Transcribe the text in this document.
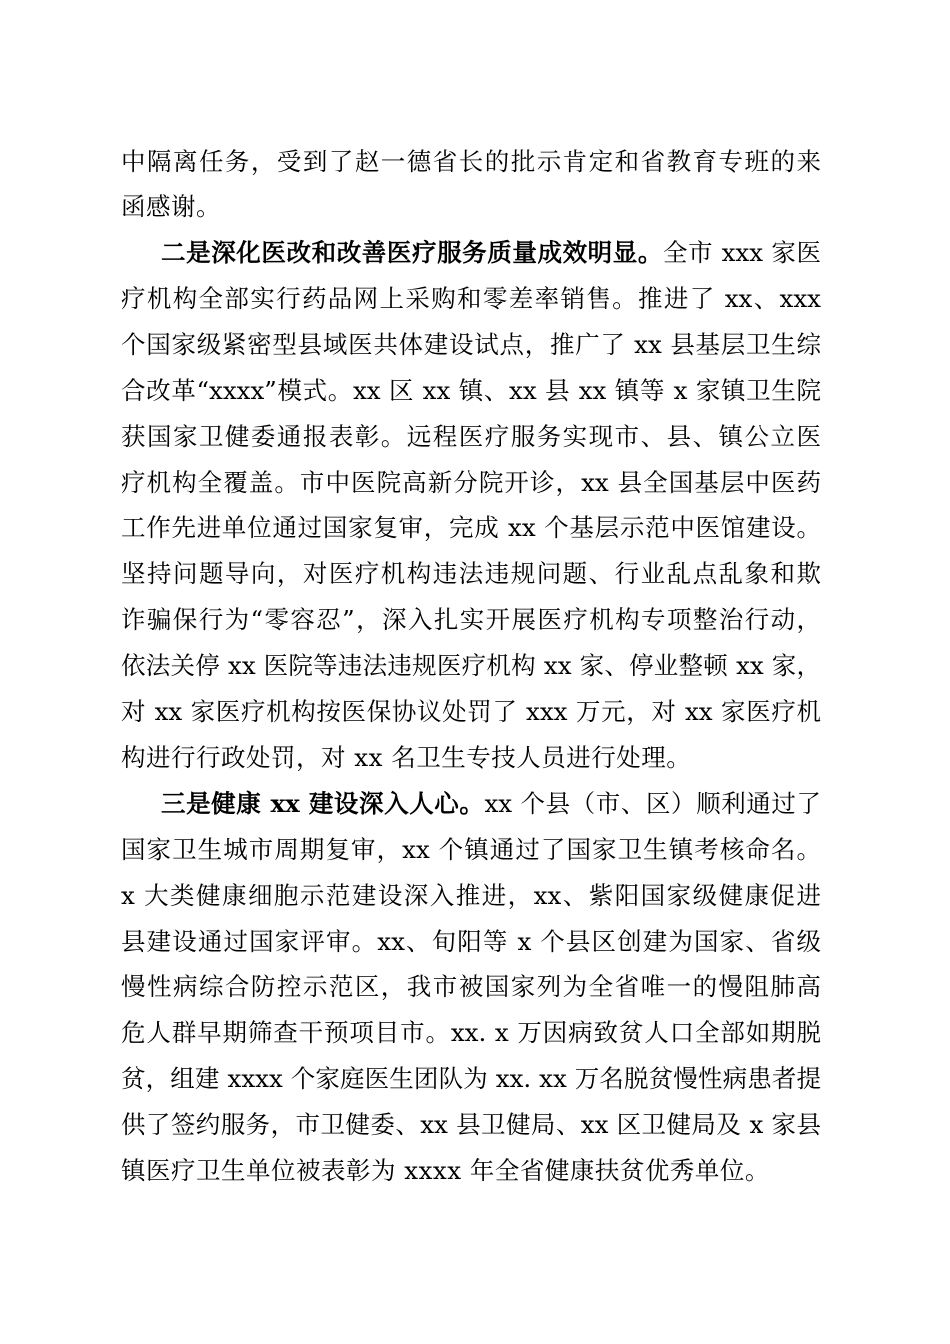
中隔离任务，受到了赵一德省长的批示肯定和省教育专班的来
函感谢。
二是深化医改和改善医疗服务质量成效明显。全市 xxx 家医
疗机构全部实行药品网上采购和零差率销售。推进了 xx、xxx
个国家级紧密型县域医共体建设试点，推广了 xx 县基层卫生综
合改革“xxxx”模式。xx 区 xx 镇、xx 县 xx 镇等 x 家镇卫生院
获国家卫健委通报表彰。远程医疗服务实现市、县、镇公立医
疗机构全覆盖。市中医院高新分院开诊，xx 县全国基层中医药
工作先进单位通过国家复审，完成 xx 个基层示范中医馆建设。
坚持问题导向，对医疗机构违法违规问题、行业乱点乱象和欺
诈骗保行为“零容忍”，深入扎实开展医疗机构专项整治行动，
依法关停 xx 医院等违法违规医疗机构 xx 家、停业整顿 xx 家，
对 xx 家医疗机构按医保协议处罚了 xxx 万元，对 xx 家医疗机
构进行行政处罚，对 xx 名卫生专技人员进行处理。
三是健康 xx 建设深入人心。xx 个县（市、区）顺利通过了
国家卫生城市周期复审，xx 个镇通过了国家卫生镇考核命名。
x 大类健康细胞示范建设深入推进，xx、紫阳国家级健康促进
县建设通过国家评审。xx、旬阳等 x 个县区创建为国家、省级
慢性病综合防控示范区，我市被国家列为全省唯一的慢阻肺高
危人群早期筛查干预项目市。xx. x 万因病致贫人口全部如期脱
贫，组建 xxxx 个家庭医生团队为 xx. xx 万名脱贫慢性病患者提
供了签约服务，市卫健委、xx 县卫健局、xx 区卫健局及 x 家县
镇医疗卫生单位被表彰为 xxxx 年全省健康扶贫优秀单位。
